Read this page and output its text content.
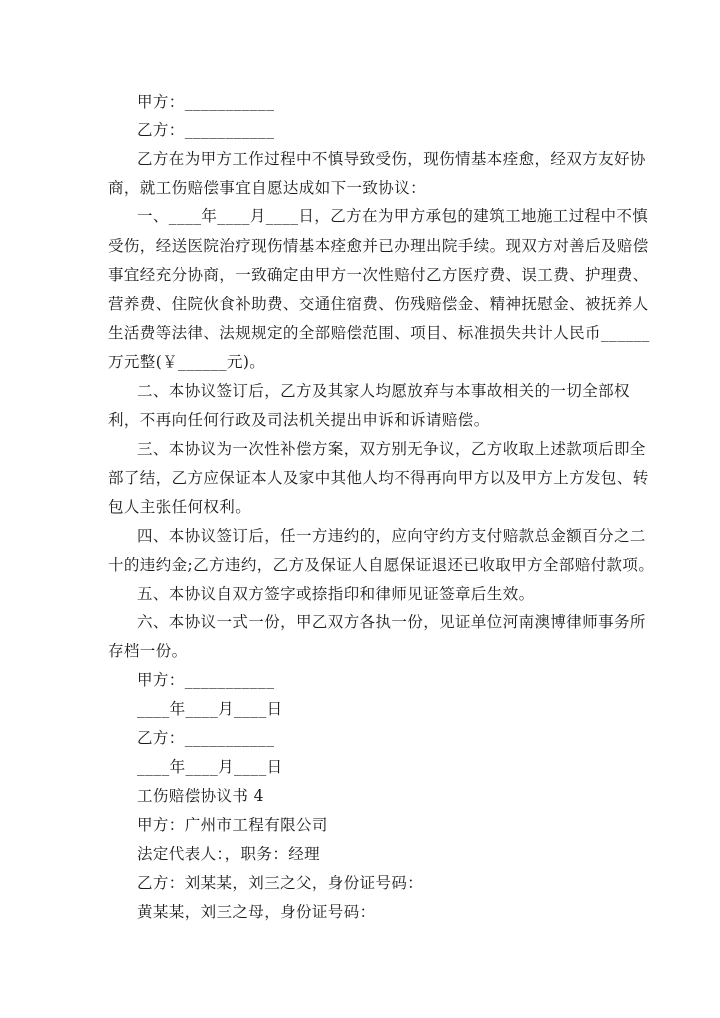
甲方：___________
乙方：___________
乙方在为甲方工作过程中不慎导致受伤，现伤情基本痊愈，经双方友好协
商，就工伤赔偿事宜自愿达成如下一致协议：
一、____年____月____日，乙方在为甲方承包的建筑工地施工过程中不慎
受伤，经送医院治疗现伤情基本痊愈并已办理出院手续。现双方对善后及赔偿
事宜经充分协商，一致确定由甲方一次性赔付乙方医疗费、误工费、护理费、
营养费、住院伙食补助费、交通住宿费、伤残赔偿金、精神抚慰金、被抚养人
生活费等法律、法规规定的全部赔偿范围、项目、标准损失共计人民币______
万元整(￥______元)。
二、本协议签订后，乙方及其家人均愿放弃与本事故相关的一切全部权
利，不再向任何行政及司法机关提出申诉和诉请赔偿。
三、本协议为一次性补偿方案，双方别无争议，乙方收取上述款项后即全
部了结，乙方应保证本人及家中其他人均不得再向甲方以及甲方上方发包、转
包人主张任何权利。
四、本协议签订后，任一方违约的，应向守约方支付赔款总金额百分之二
十的违约金;乙方违约，乙方及保证人自愿保证退还已收取甲方全部赔付款项。
五、本协议自双方签字或捺指印和律师见证签章后生效。
六、本协议一式一份，甲乙双方各执一份，见证单位河南澳博律师事务所
存档一份。
甲方：___________
____年____月____日
乙方：___________
____年____月____日
工伤赔偿协议书 4
甲方：广州市工程有限公司
法定代表人：，职务：经理
乙方：刘某某，刘三之父，身份证号码：
黄某某，刘三之母，身份证号码：
